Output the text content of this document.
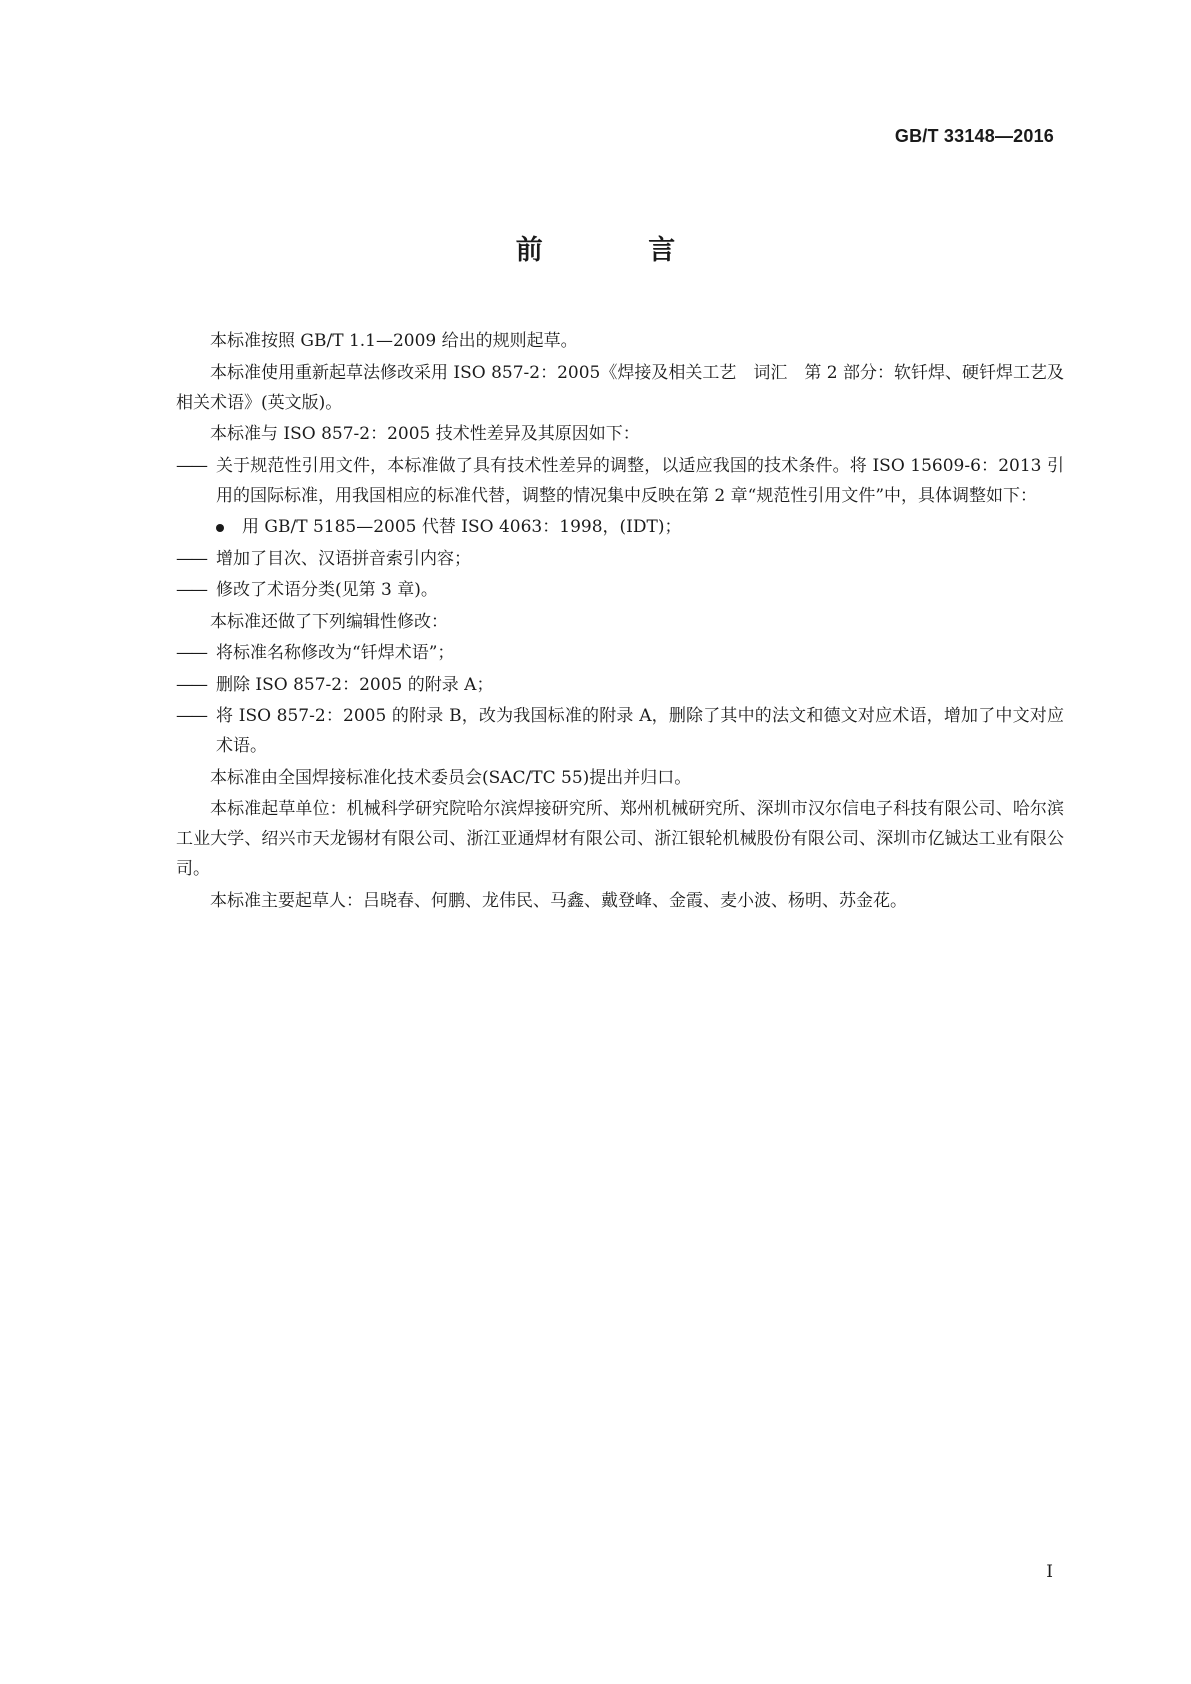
GB/T 33148—2016
前 言
本标准按照 GB/T 1.1—2009 给出的规则起草。
本标准使用重新起草法修改采用 ISO 857-2：2005《焊接及相关工艺　词汇　第 2 部分：软钎焊、硬钎焊工艺及相关术语》(英文版)。
本标准与 ISO 857-2：2005 技术性差异及其原因如下：
—— 关于规范性引用文件，本标准做了具有技术性差异的调整，以适应我国的技术条件。将 ISO 15609-6：2013 引用的国际标准，用我国相应的标准代替，调整的情况集中反映在第 2 章“规范性引用文件”中，具体调整如下：
用 GB/T 5185—2005 代替 ISO 4063：1998，(IDT)；
—— 增加了目次、汉语拼音索引内容；
—— 修改了术语分类(见第 3 章)。
本标准还做了下列编辑性修改：
—— 将标准名称修改为“钎焊术语”；
—— 删除 ISO 857-2：2005 的附录 A；
—— 将 ISO 857-2：2005 的附录 B，改为我国标准的附录 A，删除了其中的法文和德文对应术语，增加了中文对应术语。
本标准由全国焊接标准化技术委员会(SAC/TC 55)提出并归口。
本标准起草单位：机械科学研究院哈尔滨焊接研究所、郑州机械研究所、深圳市汉尔信电子科技有限公司、哈尔滨工业大学、绍兴市天龙锡材有限公司、浙江亚通焊材有限公司、浙江银轮机械股份有限公司、深圳市亿铖达工业有限公司。
本标准主要起草人：吕晓春、何鹏、龙伟民、马鑫、戴登峰、金霞、麦小波、杨明、苏金花。
I
